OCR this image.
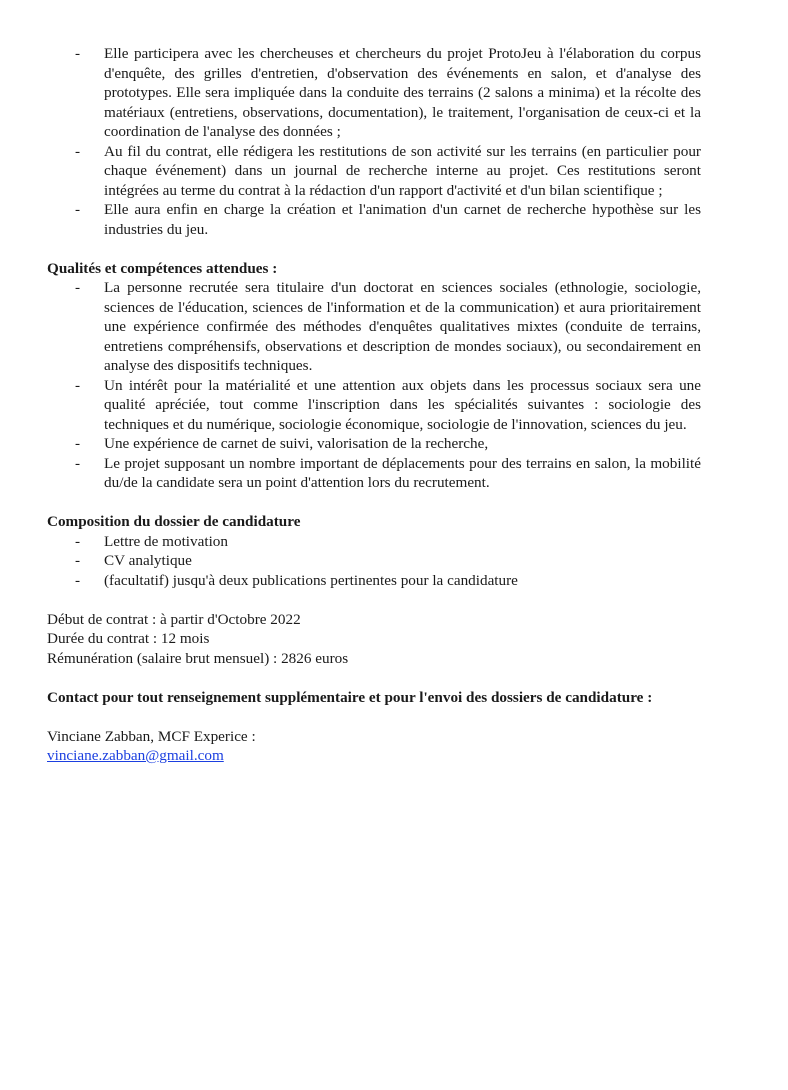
- Elle participera avec les chercheuses et chercheurs du projet ProtoJeu à l'élaboration du corpus d'enquête, des grilles d'entretien, d'observation des événements en salon, et d'analyse des prototypes. Elle sera impliquée dans la conduite des terrains (2 salons a minima) et la récolte des matériaux (entretiens, observations, documentation), le traitement, l'organisation de ceux-ci et la coordination de l'analyse des données ;
- Au fil du contrat, elle rédigera les restitutions de son activité sur les terrains (en particulier pour chaque événement) dans un journal de recherche interne au projet. Ces restitutions seront intégrées au terme du contrat à la rédaction d'un rapport d'activité et d'un bilan scientifique ;
- Elle aura enfin en charge la création et l'animation d'un carnet de recherche hypothèse sur les industries du jeu.

Qualités et compétences attendues :

- La personne recrutée sera titulaire d'un doctorat en sciences sociales (ethnologie, sociologie, sciences de l'éducation, sciences de l'information et de la communication) et aura prioritairement une expérience confirmée des méthodes d'enquêtes qualitatives mixtes (conduite de terrains, entretiens compréhensifs, observations et description de mondes sociaux), ou secondairement en analyse des dispositifs techniques.
- Un intérêt pour la matérialité et une attention aux objets dans les processus sociaux sera une qualité apréciée, tout comme l'inscription dans les spécialités suivantes : sociologie des techniques et du numérique, sociologie économique, sociologie de l'innovation, sciences du jeu.
- Une expérience de carnet de suivi, valorisation de la recherche,
- Le projet supposant un nombre important de déplacements pour des terrains en salon, la mobilité du/de la candidate sera un point d'attention lors du recrutement.

Composition du dossier de candidature

- Lettre de motivation
- CV analytique
- (facultatif) jusqu'à deux publications pertinentes pour la candidature

Début de contrat : à partir d'Octobre 2022

Durée du contrat : 12 mois

Rémunération (salaire brut mensuel) : 2826 euros

Contact pour tout renseignement supplémentaire et pour l'envoi des dossiers de candidature :

Vinciane Zabban, MCF Experice :

vinciane.zabban@gmail.com
